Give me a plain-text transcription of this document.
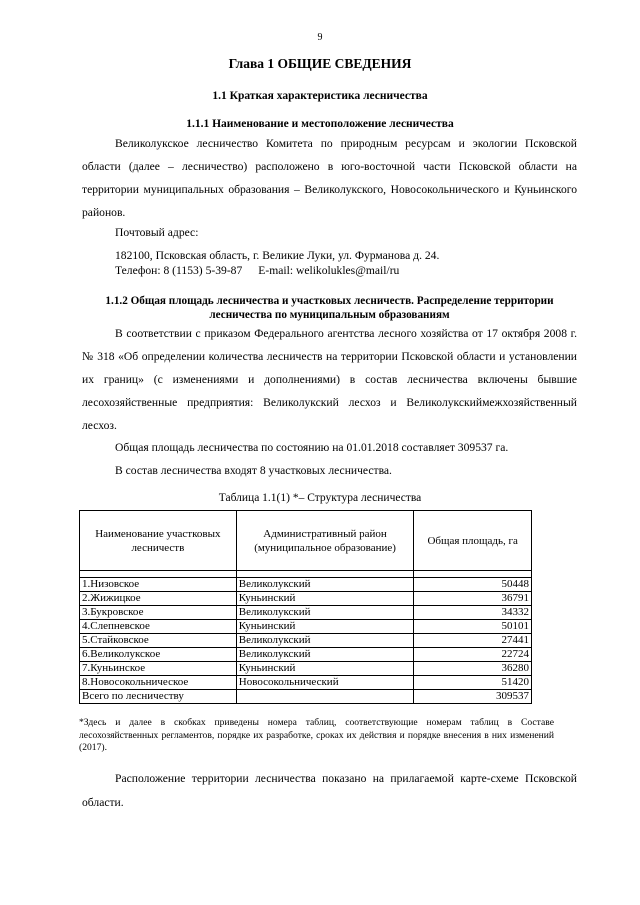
9
Глава 1 ОБЩИЕ СВЕДЕНИЯ
1.1 Краткая характеристика лесничества
1.1.1 Наименование и местоположение лесничества

Великолукское лесничество Комитета по природным ресурсам и экологии Псковской области (далее – лесничество) расположено в юго-восточной части Псковской области на территории муниципальных образования – Великолукского, Новосокольнического и Куньинского районов.

Почтовый адрес:
182100, Псковская область, г. Великие Луки, ул. Фурманова д. 24.
Телефон: 8 (1153) 5-39-87 E-mail: welikoluklеs@mail/ru
1.1.2 Общая площадь лесничества и участковых лесничеств. Распределение территории лесничества по муниципальным образованиям

В соответствии с приказом Федерального агентства лесного хозяйства от 17 октября 2008 г. № 318 «Об определении количества лесничеств на территории Псковской области и установлении их границ» (с изменениями и дополнениями) в состав лесничества включены бывшие лесохозяйственные предприятия: Великолукский лесхоз и Великолукскиймежхозяйственный лесхоз.

Общая площадь лесничества по состоянию на 01.01.2018 составляет 309537 га.

В состав лесничества входят 8 участковых лесничества.

Таблица 1.1(1) *– Структура лесничества
Наименование участковых лесничеств	Административный район (муниципальное образование)	Общая площадь, га

1.Низовское	Великолукский	50448
2.Жижицкое	Куньинский	36791
3.Букровское	Великолукский	34332
4.Слепневское	Куньинский	50101
5.Стайковское	Великолукский	27441
6.Великолукское	Великолукский	22724
7.Куньинское	Куньинский	36280
8.Новосокольническое	Новосокольнический	51420
Всего по лесничеству		309537
*Здесь и далее в скобках приведены номера таблиц, соответствующие номерам таблиц в Составе лесохозяйственных регламентов, порядке их разработке, сроках их действия и порядке внесения в них изменений (2017).

Расположение территории лесничества показано на прилагаемой карте-схеме Псковской области.
